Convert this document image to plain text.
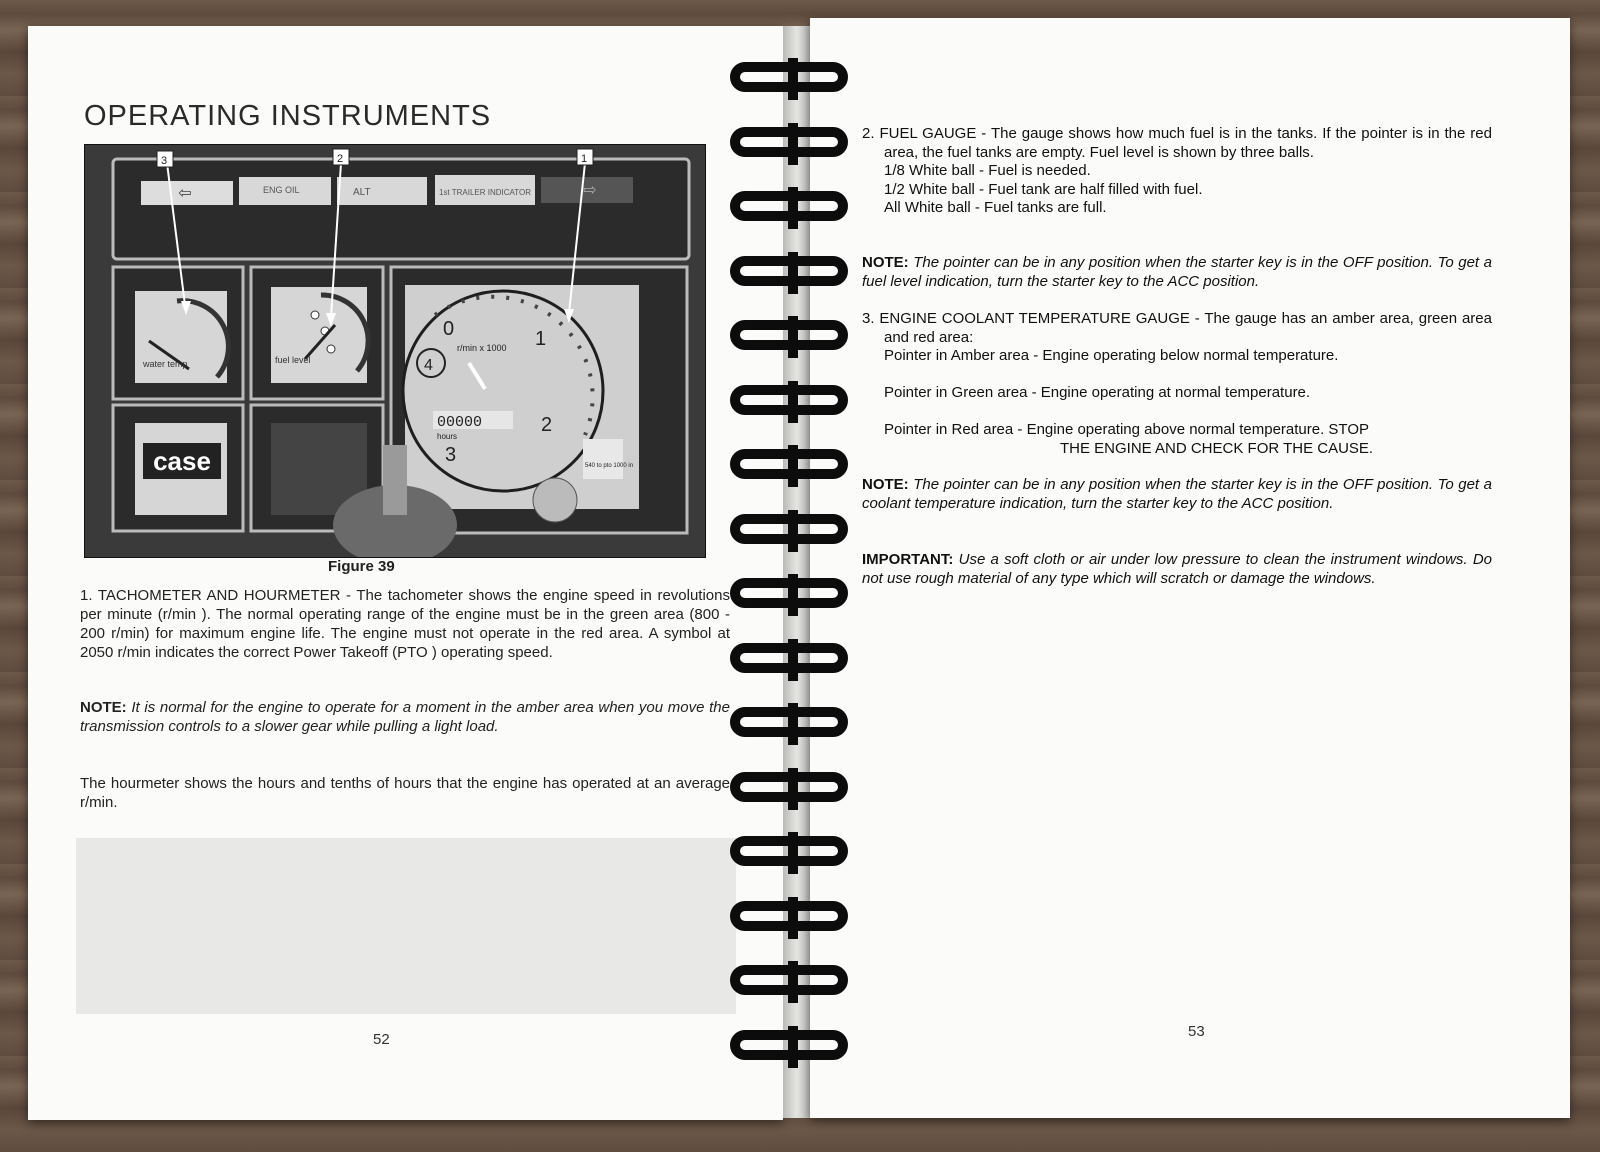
OPERATING INSTRUMENTS
⇦	ENG OIL	ALT	1st TRAILER INDICATOR	⇨
water temp	fuel level
0	1
2
3
r/min x 1000
4
00000
hours
540 to pto 1000 in
case
3	2	1
Figure 39

1. TACHOMETER AND HOURMETER - The tachometer shows the engine speed in revolutions per minute (r/min ). The normal operating range of the engine must be in the green area (800 - 200 r/min) for maximum engine life. The engine must not operate in the red area. A symbol at 2050 r/min indicates the correct Power Takeoff (PTO ) operating speed.

NOTE: It is normal for the engine to operate for a moment in the amber area when you move the transmission controls to a slower gear while pulling a light load.

The hourmeter shows the hours and tenths of hours that the engine has operated at an average r/min.

52
2. FUEL GAUGE - The gauge shows how much fuel is in the tanks. If the pointer is in the red area, the fuel tanks are empty. Fuel level is shown by three balls.
1/8 White ball - Fuel is needed.
1/2 White ball - Fuel tank are half filled with fuel.
All White ball - Fuel tanks are full.

NOTE: The pointer can be in any position when the starter key is in the OFF position. To get a fuel level indication, turn the starter key to the ACC position.

3. ENGINE COOLANT TEMPERATURE GAUGE - The gauge has an amber area, green area and red area:
Pointer in Amber area - Engine operating below normal temperature.
Pointer in Green area - Engine operating at normal temperature.
Pointer in Red area - Engine operating above normal temperature. STOP
THE ENGINE AND CHECK FOR THE CAUSE.

NOTE: The pointer can be in any position when the starter key is in the OFF position. To get a coolant temperature indication, turn the starter key to the ACC position.

IMPORTANT: Use a soft cloth or air under low pressure to clean the instrument windows. Do not use rough material of any type which will scratch or damage the windows.

53
